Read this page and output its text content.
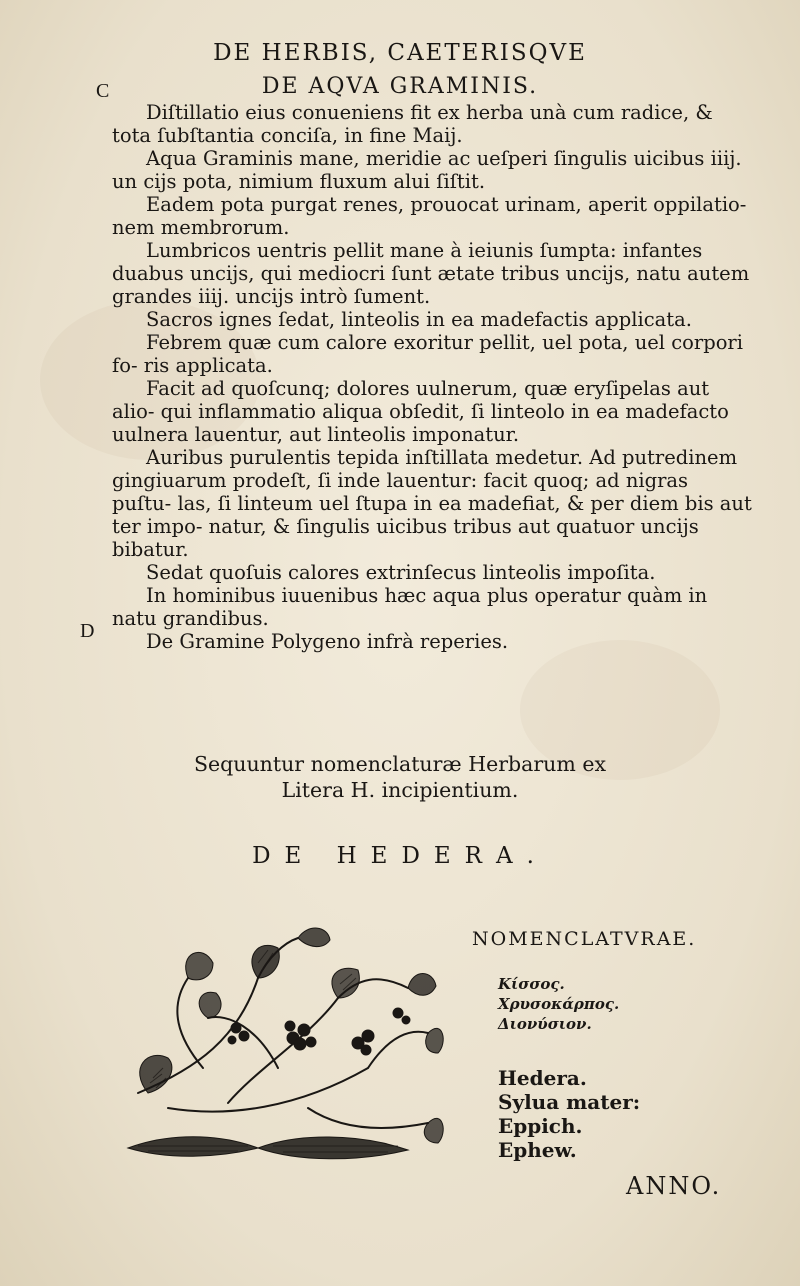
DE HERBIS, CAETERISQVE
C
D
DE AQVA GRAMINIS.

Diſtillatio eius conueniens fit ex herba unà cum radice, & tota ſubſtantia conciſa, in fine Maij.

Aqua Graminis mane, meridie ac ueſperi ſingulis uicibus iiij. un cijs pota, nimium fluxum alui ſiſtit.

Eadem pota purgat renes, prouocat urinam, aperit oppilatio‑ nem membrorum.

Lumbricos uentris pellit mane à ieiunis ſumpta: infantes duabus uncijs, qui mediocri ſunt ætate tribus uncijs, natu autem grandes iiij. uncijs intrò ſument.

Sacros ignes ſedat, linteolis in ea madefactis applicata.

Febrem quæ cum calore exoritur pellit, uel pota, uel corpori fo‑ ris applicata.

Facit ad quoſcunq; dolores uulnerum, quæ eryſipelas aut alio‑ qui inflammatio aliqua obſedit, ſi linteolo in ea madefacto uulnera lauentur, aut linteolis imponatur.

Auribus purulentis tepida inſtillata medetur. Ad putredinem gingiuarum prodeſt, ſi inde lauentur: facit quoq; ad nigras puſtu‑ las, ſi linteum uel ſtupa in ea madefiat, & per diem bis aut ter impo‑ natur, & ſingulis uicibus tribus aut quatuor uncijs bibatur.

Sedat quoſuis calores extrinſecus linteolis impoſita.

In hominibus iuuenibus hæc aqua plus operatur quàm in natu grandibus.

De Gramine Polygeno infrà reperies.

Sequuntur nomenclaturæ Herbarum ex
Litera H. incipientium.
DE HEDERA.
NOMENCLATVRAE.
Κίσσος.
Χρυσοκάρπος.
Διονύσιον.
Hedera.
Sylua mater:
Eppich.
Ephew.
ANNO.
